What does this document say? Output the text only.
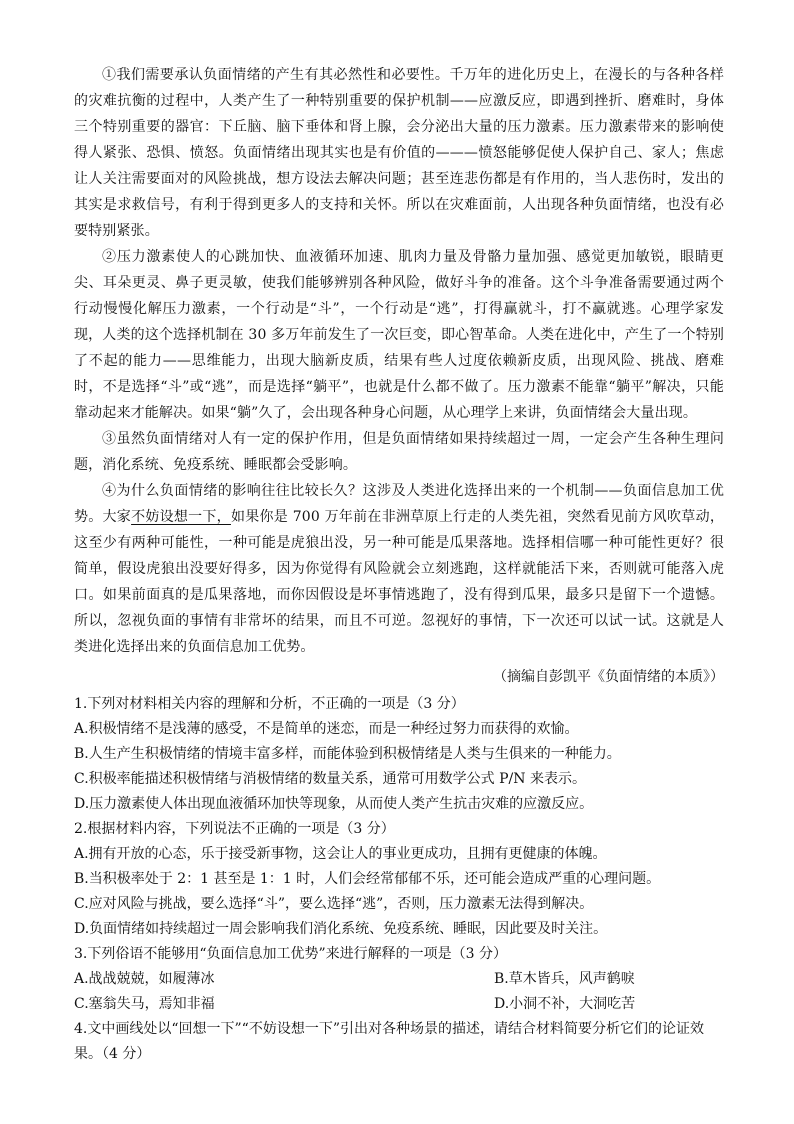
①我们需要承认负面情绪的产生有其必然性和必要性。千万年的进化历史上，在漫长的与各种各样的灾难抗衡的过程中，人类产生了一种特别重要的保护机制——应激反应，即遇到挫折、磨难时，身体三个特别重要的器官：下丘脑、脑下垂体和肾上腺，会分泌出大量的压力激素。压力激素带来的影响使得人紧张、恐惧、愤怒。负面情绪出现其实也是有价值的———愤怒能够促使人保护自己、家人；焦虑让人关注需要面对的风险挑战，想方设法去解决问题；甚至连悲伤都是有作用的，当人悲伤时，发出的其实是求救信号，有利于得到更多人的支持和关怀。所以在灾难面前，人出现各种负面情绪，也没有必要特别紧张。

②压力激素使人的心跳加快、血液循环加速、肌肉力量及骨骼力量加强、感觉更加敏锐，眼睛更尖、耳朵更灵、鼻子更灵敏，使我们能够辨别各种风险，做好斗争的准备。这个斗争准备需要通过两个行动慢慢化解压力激素，一个行动是“斗”，一个行动是“逃”，打得赢就斗，打不赢就逃。心理学家发现，人类的这个选择机制在 30 多万年前发生了一次巨变，即心智革命。人类在进化中，产生了一个特别了不起的能力——思维能力，出现大脑新皮质，结果有些人过度依赖新皮质，出现风险、挑战、磨难时，不是选择“斗”或“逃”，而是选择“躺平”，也就是什么都不做了。压力激素不能靠“躺平”解决，只能靠动起来才能解决。如果“躺”久了，会出现各种身心问题，从心理学上来讲，负面情绪会大量出现。

③虽然负面情绪对人有一定的保护作用，但是负面情绪如果持续超过一周，一定会产生各种生理问题，消化系统、免疫系统、睡眠都会受影响。

④为什么负面情绪的影响往往比较长久？这涉及人类进化选择出来的一个机制——负面信息加工优势。大家不妨设想一下，如果你是 700 万年前在非洲草原上行走的人类先祖，突然看见前方风吹草动，这至少有两种可能性，一种可能是虎狼出没，另一种可能是瓜果落地。选择相信哪一种可能性更好？很简单，假设虎狼出没要好得多，因为你觉得有风险就会立刻逃跑，这样就能活下来，否则就可能落入虎口。如果前面真的是瓜果落地，而你因假设是坏事情逃跑了，没有得到瓜果，最多只是留下一个遗憾。所以，忽视负面的事情有非常坏的结果，而且不可逆。忽视好的事情，下一次还可以试一试。这就是人类进化选择出来的负面信息加工优势。

（摘编自彭凯平《负面情绪的本质》）

1.下列对材料相关内容的理解和分析，不正确的一项是（3 分）

A.积极情绪不是浅薄的感受，不是简单的迷恋，而是一种经过努力而获得的欢愉。

B.人生产生积极情绪的情境丰富多样，而能体验到积极情绪是人类与生俱来的一种能力。

C.积极率能描述积极情绪与消极情绪的数量关系，通常可用数学公式 P/N 来表示。

D.压力激素使人体出现血液循环加快等现象，从而使人类产生抗击灾难的应激反应。

2.根据材料内容，下列说法不正确的一项是（3 分）

A.拥有开放的心态，乐于接受新事物，这会让人的事业更成功，且拥有更健康的体魄。

B.当积极率处于 2：1 甚至是 1：1 时，人们会经常郁郁不乐，还可能会造成严重的心理问题。

C.应对风险与挑战，要么选择“斗”，要么选择“逃”，否则，压力激素无法得到解决。

D.负面情绪如持续超过一周会影响我们消化系统、免疫系统、睡眠，因此要及时关注。

3.下列俗语不能够用“负面信息加工优势”来进行解释的一项是（3 分）

A.战战兢兢，如履薄冰	B.草木皆兵，风声鹤唳
C.塞翁失马，焉知非福	D.小洞不补，大洞吃苦

4.文中画线处以“回想一下”“不妨设想一下”引出对各种场景的描述，请结合材料简要分析它们的论证效果。（4 分）
